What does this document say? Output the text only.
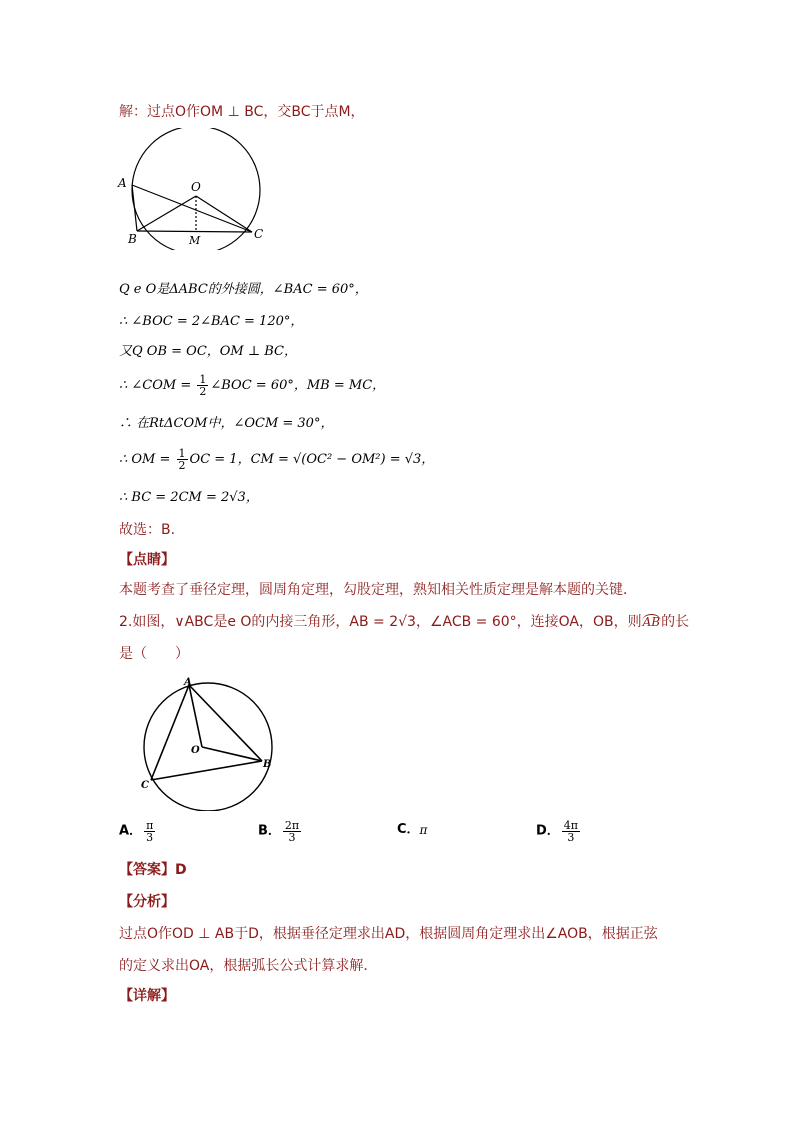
解：过点O作OM ⊥ BC，交BC于点M，
A	O
B	C
M
Q e O是ΔABC的外接圆，∠BAC = 60°，
∴ ∠BOC = 2∠BAC = 120°，
又Q OB = OC，OM ⊥ BC，
∴ ∠COM = $\frac{1}{2}$ ∠BOC = 60°，MB = MC，
∴ 在RtΔCOM中，∠OCM = 30°，
∴ OM = $\frac{1}{2}$ OC = 1，CM = √(OC² − OM²) = √3，
∴ BC = 2CM = 2√3，
故选：B．
【点睛】
本题考查了垂径定理，圆周角定理，勾股定理，熟知相关性质定理是解本题的关键．
2.如图，∨ABC是e O的内接三角形，AB = 2√3，∠ACB = 60°，连接OA，OB，则AB的长
是（　　）
A
O
C
B
A． $\frac{\pi}{3}$	B． $\frac{2\pi}{3}$	C．π	D． $\frac{4\pi}{3}$
【答案】D
【分析】
过点O作OD ⊥ AB于D，根据垂径定理求出AD，根据圆周角定理求出∠AOB，根据正弦
的定义求出OA，根据弧长公式计算求解．
【详解】
